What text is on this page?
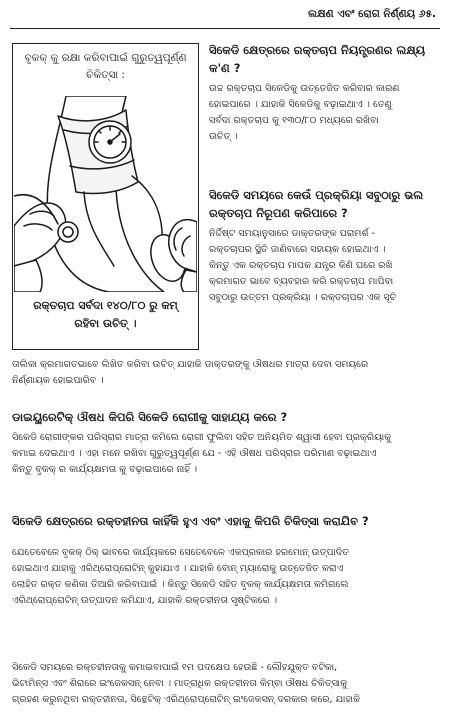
ଲକ୍ଷଣ ଏବଂ ରୋଗ ନିର୍ଣ୍ଣୟ ୬୫.
ବୃକକ୍ କୁ ରକ୍ଷା କରିବାପାଇଁ ଗୁରୁତ୍ୱପୂର୍ଣ୍ଣ
ଚିକିତ୍ସା :
ରକ୍ତଚାପ ସର୍ବଦା ୧୪୦/୮୦ ରୁ କମ୍
ରହିବା ଉଚିତ୍ ।
ସିକେଡି କ୍ଷେତ୍ରରେ ରକ୍ତଚାପ ନିୟନ୍ତ୍ରଣର ଲକ୍ଷ୍ୟ
କ'ଣ ?
ଉଚ୍ଚ ରକ୍ତଚାପ ସିକେଡିକୁ ଉତ୍ତେଜିତ କରିବାର କାରଣ
ହୋଇପାରେ । ଯାହାକି ସିକେଡିକୁ ବଢ଼ାଇଥାଏ । ତେଣୁ
ସର୍ବଦା ରକ୍ତଚାପ କୁ ୧୩୦/୮୦ ମଧ୍ୟରେ ରଖିବା
ଉଚିତ୍ ।
ସିକେଡି ସମୟରେ କେଉଁ ପ୍ରକ୍ରିୟା ସବୁଠାରୁ ଭଲ
ରକ୍ତଚାପ ନିରୂପଣ କରିପାରେ ?
ନିର୍ଦ୍ଦିଷ୍ଟ ସମୟାନୁସାରେ ଡାକ୍ତରଙ୍କ ପରାମର୍ଶ -
ରକ୍ତଚାପର ସ୍ଥିତି ଜାଣିବାରେ ସହାୟକ ହୋଇଥାଏ ।
କିନ୍ତୁ ଏକ ରକ୍ତଚାପ ମାପକ ଯନ୍ତ୍ର କିଣି ଘରେ ରଖି
କ୍ରମାଗତ ଭାବେ ବ୍ୟବହାର କରି ରକ୍ତଚାପ ମାପିବା
ସବୁଠାରୁ ଉତ୍ତମ ପ୍ରକ୍ରିୟା । ରକ୍ତଚାପର ଏକ ସୂଚି
ତାଲିକା କ୍ରମାଗତଭାବେ ଲିଖିତ କରିବା ଉଚିତ୍ ଯାହାକି ଡାକ୍ତରଙ୍କୁ ଔଷଧର ମାତ୍ରା ଦେବା ସମୟରେ
ନିର୍ଣ୍ଣାୟକ ହୋଇପାରିବ ।
ଡାଇୟୁରେଟିକ୍ ଔଷଧ କିପରି ସିକେଡି ରୋଗୀକୁ ସାହାଯ୍ୟ କରେ ?
ସିକେଡି ରୋଗୀଙ୍କର ପରିସ୍ରାର ମାତ୍ରା କମିଲେ ରୋଗୀ ଫୁଲିବା ସହିତ ଅନିୟମିତ ଶ୍ୱାସୀ ହେବା ପ୍ରକ୍ରିୟାକୁ
କମାଇ ଦେଇଥାଏ । ଏହା ମନେ ରଖିବା ଗୁରୁତ୍ୱପୂର୍ଣ୍ଣ ଯେ - ଏହି ଔଷଧ ପରିସ୍ରାର ପରିମାଣ ବଢ଼ାଇଥାଏ
କିନ୍ତୁ ବୃକକ୍ ର କାର୍ଯ୍ୟକ୍ଷମତା କୁ ବଢ଼ାଇପାରେ ନାହିଁ ।
ସିକେଡି କ୍ଷେତ୍ରରେ ରକ୍ତହୀନତା କାହିଁକି ହୁଏ ଏବଂ ଏହାକୁ କିପରି ଚିକିତ୍ସା କରାଯିବ ?
ଯେତେବେଳେ ବୃକକ୍ ଠିକ୍ ଭାବରେ କାର୍ଯ୍ୟକରେ ସେତେବେଳେ ଏକପ୍ରକାର ହରମୋନ୍ ଉତ୍ପାଦିତ
ହୋଇଥାଏ ଯାହାକୁ ଏରିଥ୍ରୋପ୍ରୋଟିନ୍ କୁହାଯାଏ । ଯାହାକି ବୋନ୍ ମ୍ୟାରୋକୁ ଉତ୍ତେଜିତ କରାଏ
ଲୋହିତ ରକ୍ତ କଣିକା ତିଆରି କରିବାପାଇଁ । କିନ୍ତୁ ସିକେଡି ସହିତ ବୃକକ୍ କାର୍ଯ୍ୟକ୍ଷମତା କମିଗଲେ
ଏରିଥ୍ରୋପ୍ରୋଟିନ୍ ଉତ୍ପାଦନ କମିଯାଏ, ଯାହାକି ରକ୍ତହୀନତା ସୃଷ୍ଟିକରେ ।
ସିକେଡି ସମୟରେ ରକ୍ତହୀନତାକୁ କମାଇବାପାଇଁ ୧ମ ପଦକ୍ଷେପ ହେଉଛି - ଲୌହଯୁକ୍ତ ବଟିକା,
ଭିଟାମିନ୍ସ ଏବଂ ଶିରାରେ ଇଂଜେକସନ୍ ନେବା । ମାତ୍ରାଧିକ ରକ୍ତହୀନତା କିମ୍ବା ଔଷଧ ଚିକିତ୍ସାକୁ
ଗ୍ରହଣ କରୁନଥିବା ରକ୍ତହୀନତା, ସିନ୍ଥେଟିକ୍ ଏରିଥ୍ରୋପ୍ରୋଟିନ୍ ଇଂଜେକସନ୍ ଦରକାର କରେ, ଯାହାକି
